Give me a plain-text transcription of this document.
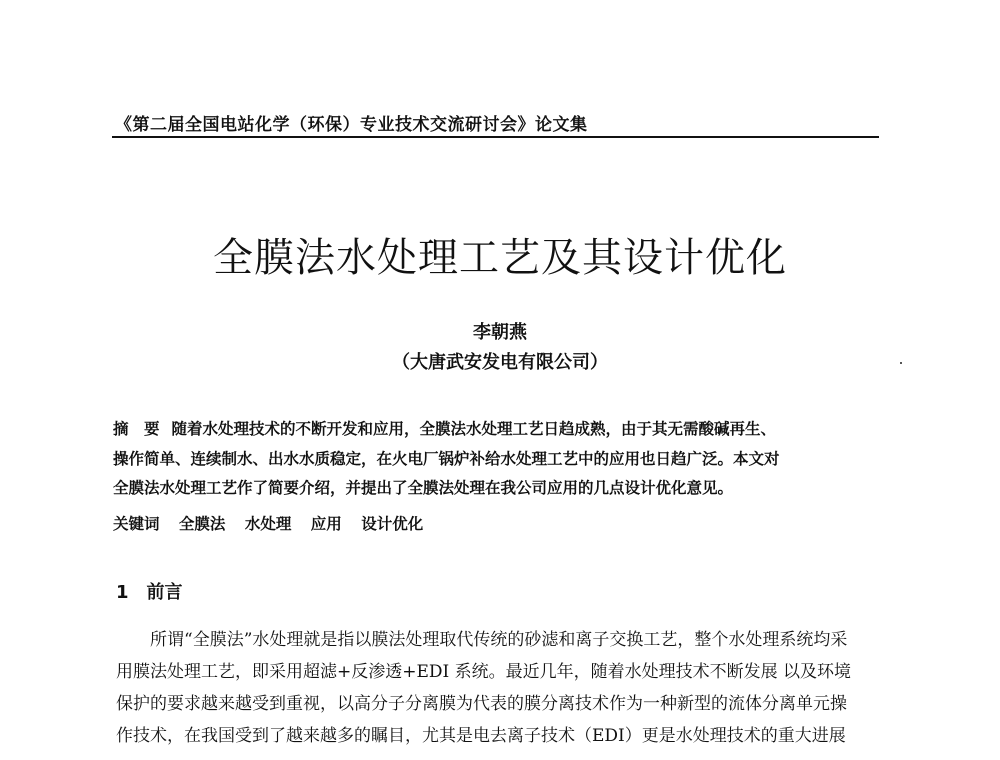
《第二届全国电站化学（环保）专业技术交流研讨会》论文集
全膜法水处理工艺及其设计优化
李朝燕
（大唐武安发电有限公司）
摘　要 随着水处理技术的不断开发和应用，全膜法水处理工艺日趋成熟，由于其无需酸碱再生、
操作简单、连续制水、出水水质稳定，在火电厂锅炉补给水处理工艺中的应用也日趋广泛。本文对
全膜法水处理工艺作了简要介绍，并提出了全膜法处理在我公司应用的几点设计优化意见。
关键词 全膜法 水处理 应用 设计优化
1 前言
所谓“全膜法”水处理就是指以膜法处理取代传统的砂滤和离子交换工艺，整个水处理系统均采
用膜法处理工艺，即采用超滤+反渗透+EDI 系统。最近几年，随着水处理技术不断发展 以及环境
保护的要求越来越受到重视，以高分子分离膜为代表的膜分离技术作为一种新型的流体分离单元操
作技术，在我国受到了越来越多的瞩目，尤其是电去离子技术（EDI）更是水处理技术的重大进展
